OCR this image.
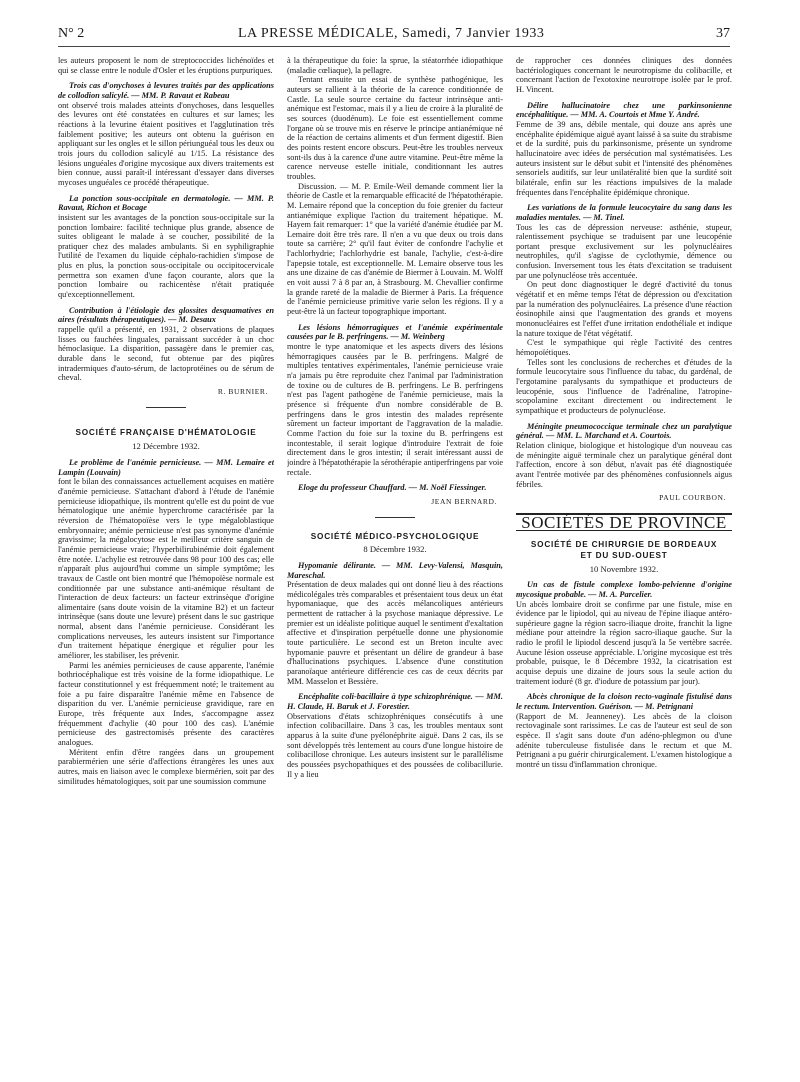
N° 2	LA PRESSE MÉDICALE, Samedi, 7 Janvier 1933	37

les auteurs proposent le nom de streptococcides lichénoïdes et qui se classe entre le nodule d'Osler et les éruptions purpuriques.

Trois cas d'onychoses à levures traités par des applications de collodion salicylé. — MM. P. Ravaut et Rabeau

ont observé trois malades atteints d'onychoses, dans lesquelles des levures ont été constatées en cultures et sur lames; les réactions à la levurine étaient positives et l'agglutination très faiblement positive; les auteurs ont obtenu la guérison en appliquant sur les ongles et le sillon périunguéal tous les deux ou trois jours du collodion salicylé au 1/15. La résistance des lésions unguéales d'origine mycosique aux divers traitements est bien connue, aussi paraît-il intéressant d'essayer dans diverses mycoses unguéales ce procédé thérapeutique.

La ponction sous-occipitale en dermatologie. — MM. P. Ravaut, Richon et Bocage

insistent sur les avantages de la ponction sous-occipitale sur la ponction lombaire: facilité technique plus grande, absence de suites obligeant le malade à se coucher, possibilité de la pratiquer chez des malades ambulants. Si en syphiligraphie l'utilité de l'examen du liquide céphalo-rachidien s'impose de plus en plus, la ponction sous-occipitale ou occipitocervicale permettra son examen d'une façon courante, alors que la ponction lombaire ou rachicentèse n'était pratiquée qu'exceptionnellement.

Contribution à l'étiologie des glossites desquamatives en aires (résultats thérapeutiques). — M. Desaux

rappelle qu'il a présenté, en 1931, 2 observations de plaques lisses ou fauchées linguales, paraissant succéder à un choc hémoclasique. La disparition, passagère dans le premier cas, durable dans le second, fut obtenue par des piqûres intradermiques d'auto-sérum, de lactoprotéines ou de sérum de cheval.

R. BURNIER.

SOCIÉTÉ FRANÇAISE D'HÉMATOLOGIE
12 Décembre 1932.

Le problème de l'anémie pernicieuse. — MM. Lemaire et Lampin (Louvain)

font le bilan des connaissances actuellement acquises en matière d'anémie pernicieuse. S'attachant d'abord à l'étude de l'anémie pernicieuse idiopathique, ils montrent qu'elle est du point de vue hématologique une anémie hyperchrome caractérisée par la réversion de l'hématopoïèse vers le type mégaloblastique embryonnaire; anémie pernicieuse n'est pas synonyme d'anémie gravissime; la mégalocytose est le meilleur critère sanguin de l'anémie pernicieuse vraie; l'hyperbilirubinémie doit également être notée. L'achylie est retrouvée dans 98 pour 100 des cas; elle n'apparaît plus aujourd'hui comme un simple symptôme; les travaux de Castle ont bien montré que l'hémopoïèse normale est conditionnée par une substance anti-anémique résultant de l'interaction de deux facteurs: un facteur extrinsèque d'origine alimentaire (sans doute voisin de la vitamine B2) et un facteur intrinsèque (sans doute une levure) présent dans le suc gastrique normal, absent dans l'anémie pernicieuse. Considérant les complications nerveuses, les auteurs insistent sur l'importance d'un traitement hépatique énergique et régulier pour les améliorer, les stabiliser, les prévenir.

Parmi les anémies pernicieuses de cause apparente, l'anémie bothriocéphalique est très voisine de la forme idiopathique. Le facteur constitutionnel y est fréquemment noté; le traitement au foie a pu faire disparaître l'anémie même en l'absence de disparition du ver. L'anémie pernicieuse gravidique, rare en Europe, très fréquente aux Indes, s'accompagne assez fréquemment d'achylie (40 pour 100 des cas). L'anémie pernicieuse des gastrectomisés présente des caractères analogues.

Méritent enfin d'être rangées dans un groupement parabiermérien une série d'affections étrangères les unes aux autres, mais en liaison avec le complexe biermérien, soit par des similitudes hématologiques, soit par une soumission commune

à la thérapeutique du foie: la sprue, la stéatorrhée idiopathique (maladie cœliaque), la pellagre.

Tentant ensuite un essai de synthèse pathogénique, les auteurs se rallient à la théorie de la carence conditionnée de Castle. La seule source certaine du facteur intrinsèque anti-anémique est l'estomac, mais il y a lieu de croire à la pluralité de ses sources (duodénum). Le foie est essentiellement comme l'organe où se trouve mis en réserve le principe antianémique né de la réaction de certains aliments et d'un ferment digestif. Bien des points restent encore obscurs. Peut-être les troubles nerveux sont-ils dus à la carence d'une autre vitamine. Peut-être même la carence nerveuse estelle initiale, conditionnant les autres troubles.

Discussion. — M. P. Emile-Weil demande comment lier la théorie de Castle et la remarquable efficacité de l'hépatothérapie. M. Lemaire répond que la conception du foie grenier du facteur antianémique explique l'action du traitement hépatique. M. Hayem fait remarquer: 1° que la variété d'anémie étudiée par M. Lemaire doit être très rare. Il n'en a vu que deux ou trois dans toute sa carrière; 2° qu'il faut éviter de confondre l'achylie et l'achlorhydrie; l'achlorhydrie est banale, l'achylie, c'est-à-dire l'apepsie totale, est exceptionnelle. M. Lemaire observe tous les ans une dizaine de cas d'anémie de Biermer à Louvain. M. Wolff en voit aussi 7 à 8 par an, à Strasbourg. M. Chevallier confirme la grande rareté de la maladie de Biermer à Paris. La fréquence de l'anémie pernicieuse primitive varie selon les régions. Il y a peut-être là un facteur topographique important.

Les lésions hémorragiques et l'anémie expérimentale causées par le B. perfringens. — M. Weinberg

montre le type anatomique et les aspects divers des lésions hémorragiques causées par le B. perfringens. Malgré de multiples tentatives expérimentales, l'anémie pernicieuse vraie n'a jamais pu être reproduite chez l'animal par l'administration de toxine ou de cultures de B. perfringens. Le B. perfringens n'est pas l'agent pathogène de l'anémie pernicieuse, mais la présence si fréquente d'un nombre considérable de B. perfringens dans le gros intestin des malades représente sûrement un facteur important de l'aggravation de la maladie. Comme l'action du foie sur la toxine du B. perfringens est incontestable, il serait logique d'introduire l'extrait de foie directement dans le gros intestin; il serait intéressant aussi de joindre à l'hépatothérapie la sérothérapie antiperfringens par voie rectale.

Eloge du professeur Chauffard. — M. Noël Fiessinger.

JEAN BERNARD.

SOCIÉTÉ MÉDICO-PSYCHOLOGIQUE
8 Décembre 1932.

Hypomanie délirante. — MM. Levy-Valensi, Masquin, Mareschal.

Présentation de deux malades qui ont donné lieu à des réactions médicolégales très comparables et présentaient tous deux un état hypomaniaque, que des accès mélancoliques antérieurs permettent de rattacher à la psychose maniaque dépressive. Le premier est un idéaliste politique auquel le sentiment d'exaltation affective et d'inspiration perpétuelle donne une physionomie toute particulière. Le second est un Breton inculte avec hypomanie pauvre et présentant un délire de grandeur à base d'hallucinations psychiques. L'absence d'une constitution paranoïaque antérieure différencie ces cas de ceux décrits par MM. Masselon et Bessière.

Encéphalite coli-bacillaire à type schizophrénique. — MM. H. Claude, H. Baruk et J. Forestier.

Observations d'états schizophréniques consécutifs à une infection colibacillaire. Dans 3 cas, les troubles mentaux sont apparus à la suite d'une pyélonéphrite aiguë. Dans 2 cas, ils se sont développés très lentement au cours d'une longue histoire de colibacillose chronique. Les auteurs insistent sur le parallélisme des poussées psychopathiques et des poussées de colibacillurie. Il y a lieu

de rapprocher ces données cliniques des données bactériologiques concernant le neurotropisme du colibacille, et concernant l'action de l'exotoxine neurotrope isolée par le prof. H. Vincent.

Délire hallucinatoire chez une parkinsonienne encéphalitique. — MM. A. Courtois et Mme Y. André.

Femme de 39 ans, débile mentale, qui douze ans après une encéphalite épidémique aiguë ayant laissé à sa suite du strabisme et de la surdité, puis du parkinsonisme, présente un syndrome hallucinatoire avec idées de persécution mal systématisées. Les auteurs insistent sur le début subit et l'intensité des phénomènes sensoriels auditifs, sur leur unilatéralité bien que la surdité soit bilatérale, enfin sur les réactions impulsives de la malade fréquentes dans l'encéphalite épidémique chronique.

Les variations de la formule leucocytaire du sang dans les maladies mentales. — M. Tinel.

Tous les cas de dépression nerveuse: asthénie, stupeur, ralentissement psychique se traduisent par une leucopénie portant presque exclusivement sur les polynucléaires neutrophiles, qu'il s'agisse de cyclothymie, démence ou confusion. Inversement tous les états d'excitation se traduisent par une polynucléose très accentuée.

On peut donc diagnostiquer le degré d'activité du tonus végétatif et en même temps l'état de dépression ou d'excitation par la numération des polynucléaires. La présence d'une réaction éosinophile ainsi que l'augmentation des grands et moyens mononucléaires est l'effet d'une irritation endothéliale et indique la nature toxique de l'état végétatif.

C'est le sympathique qui règle l'activité des centres hémopoïétiques.

Telles sont les conclusions de recherches et d'études de la formule leucocytaire sous l'influence du tabac, du gardénal, de l'ergotamine paralysants du sympathique et producteurs de leucopénie, sous l'influence de l'adrénaline, l'atropine-scopolamine excitant directement ou indirectement le sympathique et producteurs de polynucléose.

Méningite pneumococcique terminale chez un paralytique général. — MM. L. Marchand et A. Courtois.

Relation clinique, biologique et histologique d'un nouveau cas de méningite aiguë terminale chez un paralytique général dont l'affection, encore à son début, n'avait pas été diagnostiquée avant l'entrée motivée par des phénomènes confusionnels aigus fébriles.

PAUL COURBON.

SOCIÉTÉS DE PROVINCE
SOCIÉTÉ DE CHIRURGIE DE BORDEAUX
ET DU SUD-OUEST
10 Novembre 1932.

Un cas de fistule complexe lombo-pelvienne d'origine mycosique probable. — M. A. Parcelier.

Un abcès lombaire droit se confirme par une fistule, mise en évidence par le lipiodol, qui au niveau de l'épine iliaque antéro-supérieure gagne la région sacro-iliaque droite, franchit la ligne médiane pour atteindre la région sacro-iliaque gauche. Sur la radio le profil le lipiodol descend jusqu'à la 5e vertèbre sacrée. Aucune lésion osseuse appréciable. L'origine mycosique est très probable, puisque, le 8 Décembre 1932, la cicatrisation est acquise depuis une dizaine de jours sous la seule action du traitement ioduré (8 gr. d'iodure de potassium par jour).

Abcès chronique de la cloison recto-vaginale fistulisé dans le rectum. Intervention. Guérison. — M. Petrignani

(Rapport de M. Jeanneney). Les abcès de la cloison rectovaginale sont rarissimes. Le cas de l'auteur est seul de son espèce. Il s'agit sans doute d'un adéno-phlegmon ou d'une adénite tuberculeuse fistulisée dans le rectum et que M. Petrignani a pu guérir chirurgicalement. L'examen histologique a montré un tissu d'inflammation chronique.
